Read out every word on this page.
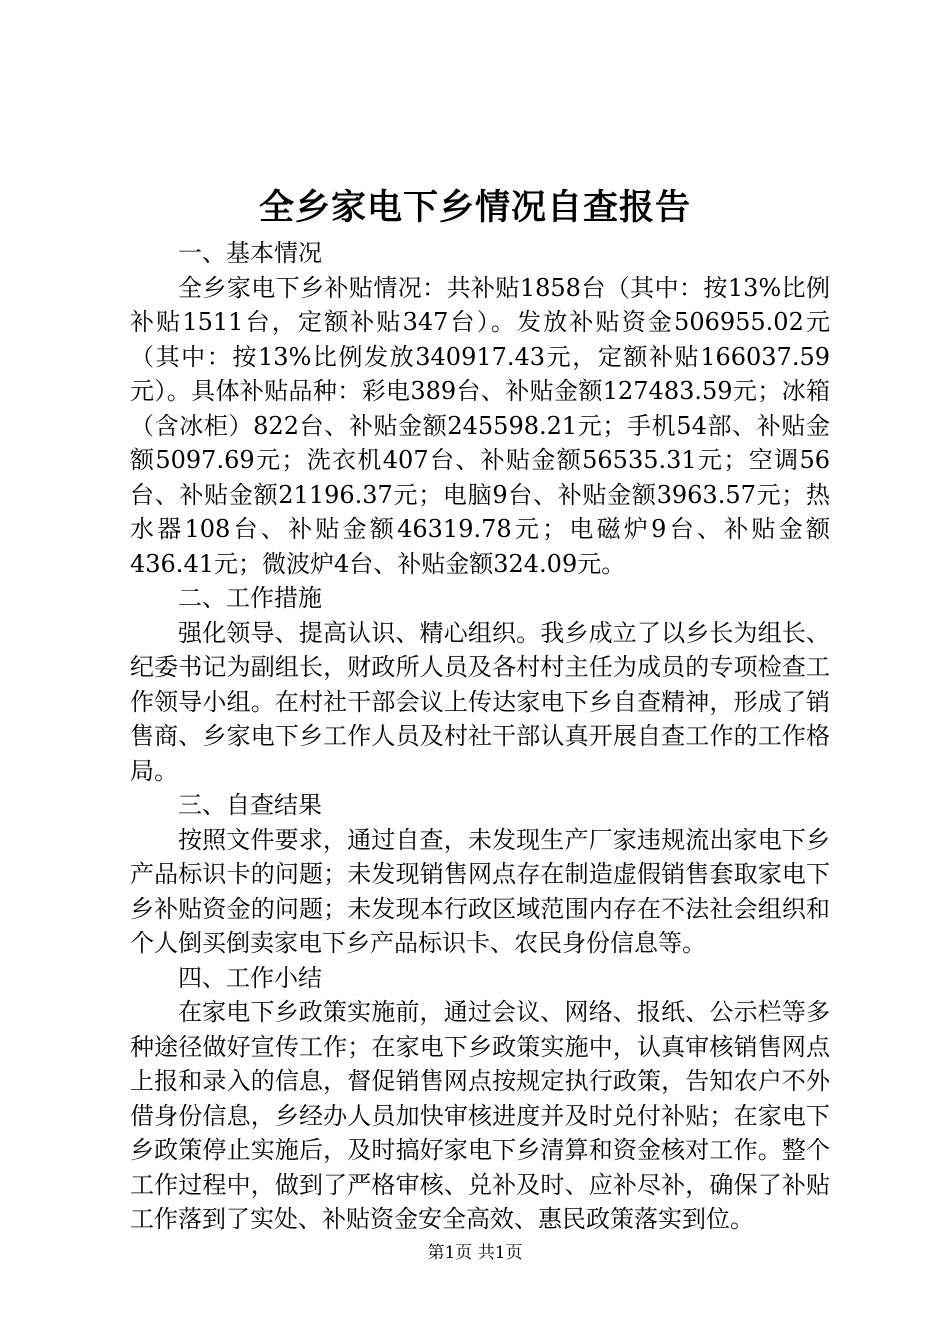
全乡家电下乡情况自查报告
一、基本情况

全乡家电下乡补贴情况：共补贴1858台（其中：按13%比例补贴1511台，定额补贴347台）。发放补贴资金506955.02元（其中：按13%比例发放340917.43元，定额补贴166037.59元）。具体补贴品种：彩电389台、补贴金额127483.59元；冰箱（含冰柜）822台、补贴金额245598.21元；手机54部、补贴金额5097.69元；洗衣机407台、补贴金额56535.31元；空调56台、补贴金额21196.37元；电脑9台、补贴金额3963.57元；热水器108台、补贴金额46319.78元；电磁炉9台、补贴金额436.41元；微波炉4台、补贴金额324.09元。

二、工作措施

强化领导、提高认识、精心组织。我乡成立了以乡长为组长、纪委书记为副组长，财政所人员及各村村主任为成员的专项检查工作领导小组。在村社干部会议上传达家电下乡自查精神，形成了销售商、乡家电下乡工作人员及村社干部认真开展自查工作的工作格局。

三、自查结果

按照文件要求，通过自查，未发现生产厂家违规流出家电下乡产品标识卡的问题；未发现销售网点存在制造虚假销售套取家电下乡补贴资金的问题；未发现本行政区域范围内存在不法社会组织和个人倒买倒卖家电下乡产品标识卡、农民身份信息等。

四、工作小结

在家电下乡政策实施前，通过会议、网络、报纸、公示栏等多种途径做好宣传工作；在家电下乡政策实施中，认真审核销售网点上报和录入的信息，督促销售网点按规定执行政策，告知农户不外借身份信息，乡经办人员加快审核进度并及时兑付补贴；在家电下乡政策停止实施后，及时搞好家电下乡清算和资金核对工作。整个工作过程中，做到了严格审核、兑补及时、应补尽补，确保了补贴工作落到了实处、补贴资金安全高效、惠民政策落实到位。

第1页 共1页
